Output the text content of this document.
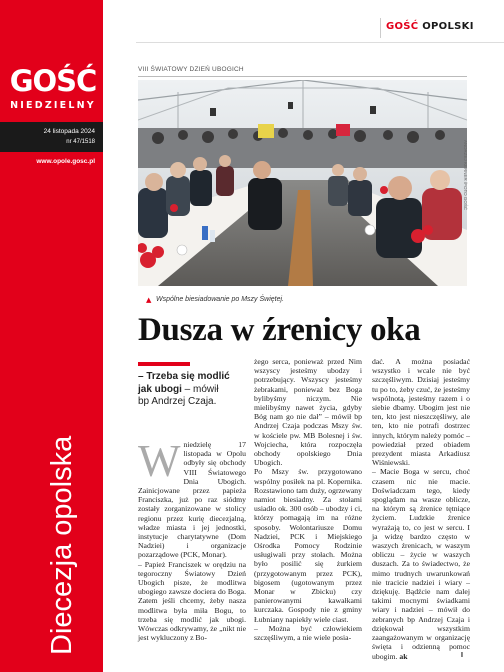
GOŚĆ
NIEDZIELNY
24 listopada 2024
nr 47/1518
www.opole.gosc.pl
Diecezja opolska
GOŚĆ OPOLSKI
VIII ŚWIATOWY DZIEŃ UBOGICH
ANDRZEJ KERNER /FOTO GOŚĆ
▲ Wspólne biesiadowanie po Mszy Świętej.
Dusza w źrenicy oka
– Trzeba się modlić jak ubogi – mówił bp Andrzej Czaja.

Wniedzielę 17 listopada w Opolu odbyły się obchody VIII Światowego Dnia Ubogich. Zainicjowane przez papieża Franciszka, już po raz siódmy zostały zorganizowane w stolicy regionu przez kurię diecezjalną, władze miasta i jej jednostki, instytucje charytatywne (Dom Nadziei) i organizacje pozarządowe (PCK, Monar).

– Papież Franciszek w orędziu na tegoroczny Światowy Dzień Ubogich pisze, że modlitwa ubogiego zawsze dociera do Boga. Zatem jeśli chcemy, żeby nasza modlitwa była miła Bogu, to trzeba się modlić jak ubogi. Wówczas odkrywamy, że „nikt nie jest wykluczony z Bo-

żego serca, ponieważ przed Nim wszyscy jesteśmy ubodzy i potrzebujący. Wszyscy jesteśmy żebrakami, ponieważ bez Boga bylibyśmy niczym. Nie mielibyśmy nawet życia, gdyby Bóg nam go nie dał” – mówił bp Andrzej Czaja podczas Mszy św. w kościele pw. MB Bolesnej i św. Wojciecha, która rozpoczęła obchody opolskiego Dnia Ubogich.

Po Mszy św. przygotowano wspólny posiłek na pl. Kopernika. Rozstawiono tam duży, ogrzewany namiot biesiadny. Za stołami usiadło ok. 300 osób – ubodzy i ci, którzy pomagają im na różne sposoby. Wolontariusze Domu Nadziei, PCK i Miejskiego Ośrodka Pomocy Rodzinie usługiwali przy stołach. Można było posilić się żurkiem (przygotowanym przez PCK), bigosem (ugotowanym przez Monar w Zbicku) czy panierowanymi kawałkami kurczaka. Gospody nie z gminy Łubniany napiekły wiele ciast.

– Można być człowiekiem szczęśliwym, a nie wiele posia-

dać. A można posiadać wszystko i wcale nie być szczęśliwym. Dzisiaj jesteśmy tu po to, żeby czuć, że jesteśmy wspólnotą, jesteśmy razem i o siebie dbamy. Ubogim jest nie ten, kto jest nieszczęśliwy, ale ten, kto nie potrafi dostrzec innych, którym należy pomóc – powiedział przed obiadem prezydent miasta Arkadiusz Wiśniewski.

– Macie Boga w sercu, choć czasem nic nie macie. Doświadczam tego, kiedy spoglądam na wasze oblicze, na którym są źrenice tętniące życiem. Ludzkie źrenice wyrażają to, co jest w sercu. I ja widzę bardzo często w waszych źrenicach, w waszym obliczu – życie w waszych duszach. Za to świadectwo, że mimo trudnych uwarunkowań nie tracicie nadziei i wiary – dziękuję. Bądźcie nam dalej takimi mocnymi świadkami wiary i nadziei – mówił do zebranych bp Andrzej Czaja i dziękował wszystkim zaangażowanym w organizację święta i odzienną pomoc ubogim. ak	I
